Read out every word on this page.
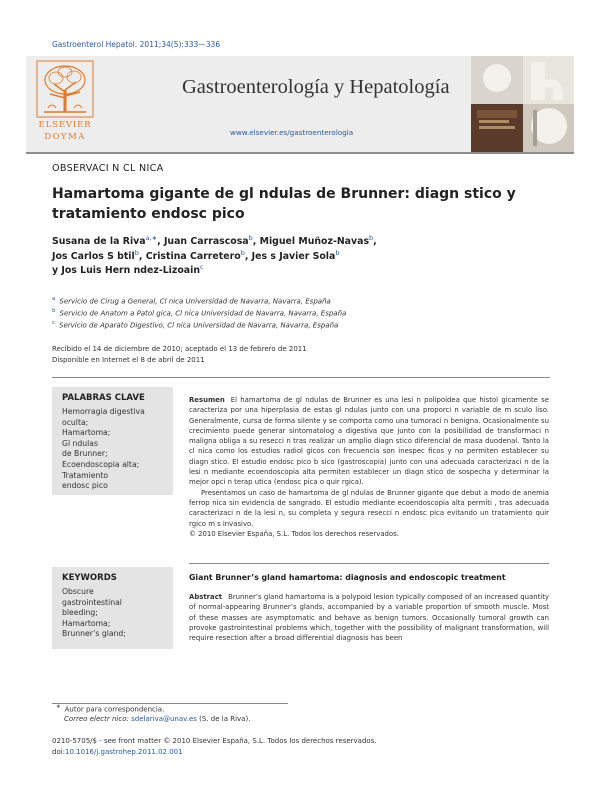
Gastroenterol Hepatol. 2011;34(5):333—336
ELSEVIER
DOYMA
Gastroenterología y Hepatología
www.elsevier.es/gastroenterologia
OBSERVACI N CL NICA
Hamartoma gigante de gl ndulas de Brunner: diagn stico y tratamiento endosc pico
Susana de la Riva$^{a,∗}$, Juan Carrascosa$^b$, Miguel Muñoz-Navas$^b$,
Jos Carlos S btil$^b$, Cristina Carretero$^b$, Jes s Javier Sola$^b$
y Jos Luis Hern ndez-Lizoain$^c$
$^a$ Servicio de Cirug a General, Cl nica Universidad de Navarra, Navarra, España
$^b$ Servicio de Anatom a Patol gica, Cl nica Universidad de Navarra, Navarra, España
$^c$ Servicio de Aparato Digestivo, Cl nica Universidad de Navarra, Navarra, España
Recibido el 14 de diciembre de 2010; aceptado el 13 de febrero de 2011
Disponible en Internet el 8 de abril de 2011
PALABRAS CLAVE
Hemorragia digestiva
oculta;
Hamartoma;
Gl ndulas
de Brunner;
Ecoendoscopia alta;
Tratamiento
endosc pico

Resumen El hamartoma de gl ndulas de Brunner es una lesi n polipoidea que histol gicamente se caracteriza por una hiperplasia de estas gl ndulas junto con una proporci n variable de m sculo liso. Generalmente, cursa de forma silente y se comporta como una tumoraci n benigna. Ocasionalmente su crecimiento puede generar sintomatolog a digestiva que junto con la posibilidad de transformaci n maligna obliga a su resecci n tras realizar un amplio diagn stico diferencial de masa duodenal. Tanto la cl nica como los estudios radiol gicos con frecuencia son inespec ficos y no permiten establecer su diagn stico. El estudio endosc pico b sico (gastroscopia) junto con una adecuada caracterizaci n de la lesi n mediante ecoendoscopia alta permiten establecer un diagn stico de sospecha y determinar la mejor opci n terap utica (endosc pica o quir rgica).

Presentamos un caso de hamartoma de gl ndulas de Brunner gigante que debut a modo de anemia ferrop nica sin evidencia de sangrado. El estudio mediante ecoendoscopia alta permiti , tras adecuada caracterizaci n de la lesi n, su completa y segura resecci n endosc pica evitando un tratamiento quir rgico m s invasivo.

© 2010 Elsevier España, S.L. Todos los derechos reservados.

KEYWORDS
Obscure
gastrointestinal
bleeding;
Hamartoma;
Brunner’s gland;
Giant Brunner’s gland hamartoma: diagnosis and endoscopic treatment

Abstract Brunner’s gland hamartoma is a polypoid lesion typically composed of an increased quantity of normal-appearing Brunner’s glands, accompanied by a variable proportion of smooth muscle. Most of these masses are asymptomatic and behave as benign tumors. Occasionally tumoral growth can provoke gastrointestinal problems which, together with the possibility of malignant transformation, will require resection after a broad differential diagnosis has been

∗ Autor para correspondencia.
Correo electr nico: sdelariva@unav.es (S. de la Riva).
0210-5705/$ - see front matter © 2010 Elsevier España, S.L. Todos los derechos reservados.
doi:10.1016/j.gastrohep.2011.02.001
